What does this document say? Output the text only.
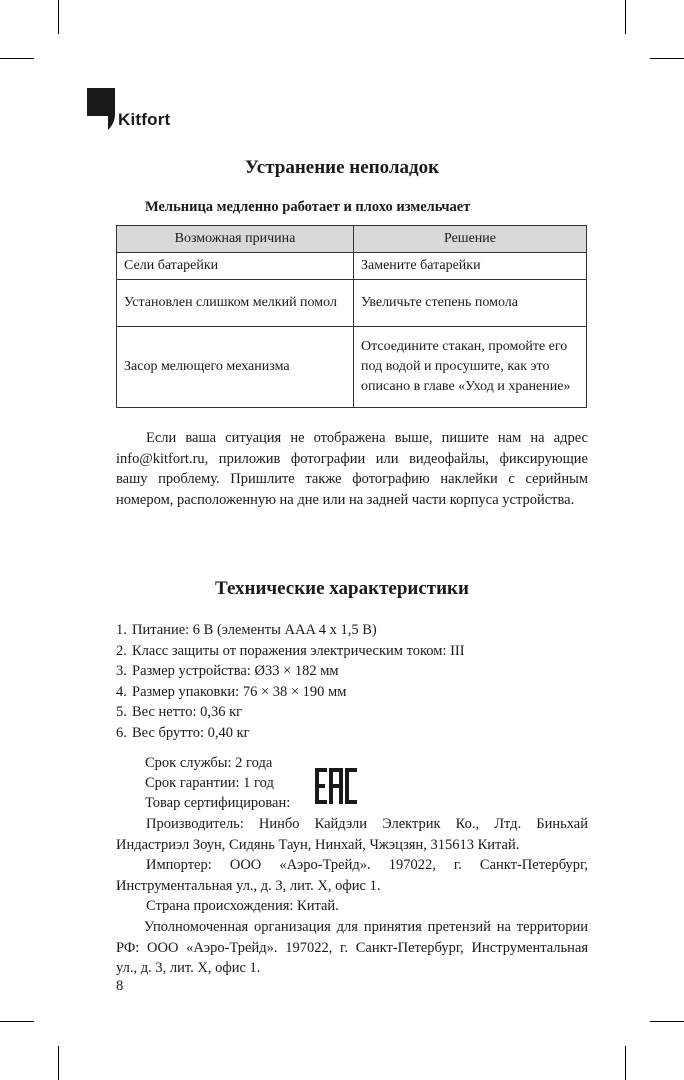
Kitfort
Устранение неполадок
Мельница медленно работает и плохо измельчает
Возможная причина	Решение
Сели батарейки	Замените батарейки
Установлен слишком мелкий помол	Увеличьте степень помола
Засор мелющего механизма	Отсоедините стакан, промойте его под водой и просушите, как это описано в главе «Уход и хранение»

Если ваша ситуация не отображена выше, пишите нам на адрес info@kitfort.ru, приложив фотографии или видеофайлы, фиксирующие вашу проблему. Пришлите также фотографию наклейки с серийным номером, расположенную на дне или на задней части корпуса устройства.

Технические характеристики
1. Питание: 6 В (элементы AAA 4 x 1,5 В)
2. Класс защиты от поражения электрическим током: III
3. Размер устройства: Ø33 × 182 мм
4. Размер упаковки: 76 × 38 × 190 мм
5. Вес нетто: 0,36 кг
6. Вес брутто: 0,40 кг
Срок службы: 2 года
Срок гарантии: 1 год
Товар сертифицирован:

Производитель: Нинбо Кайдэли Электрик Ко., Лтд. Биньхай Индастриэл Зоун, Сидянь Таун, Нинхай, Чжэцзян, 315613 Китай.

Импортер: ООО «Аэро-Трейд». 197022, г. Санкт-Петербург, Инструментальная ул., д. 3, лит. Х, офис 1.

Страна происхождения: Китай.

Уполномоченная организация для принятия претензий на территории РФ: ООО «Аэро-Трейд». 197022, г. Санкт-Петербург, Инструментальная ул., д. 3, лит. Х, офис 1.

8
